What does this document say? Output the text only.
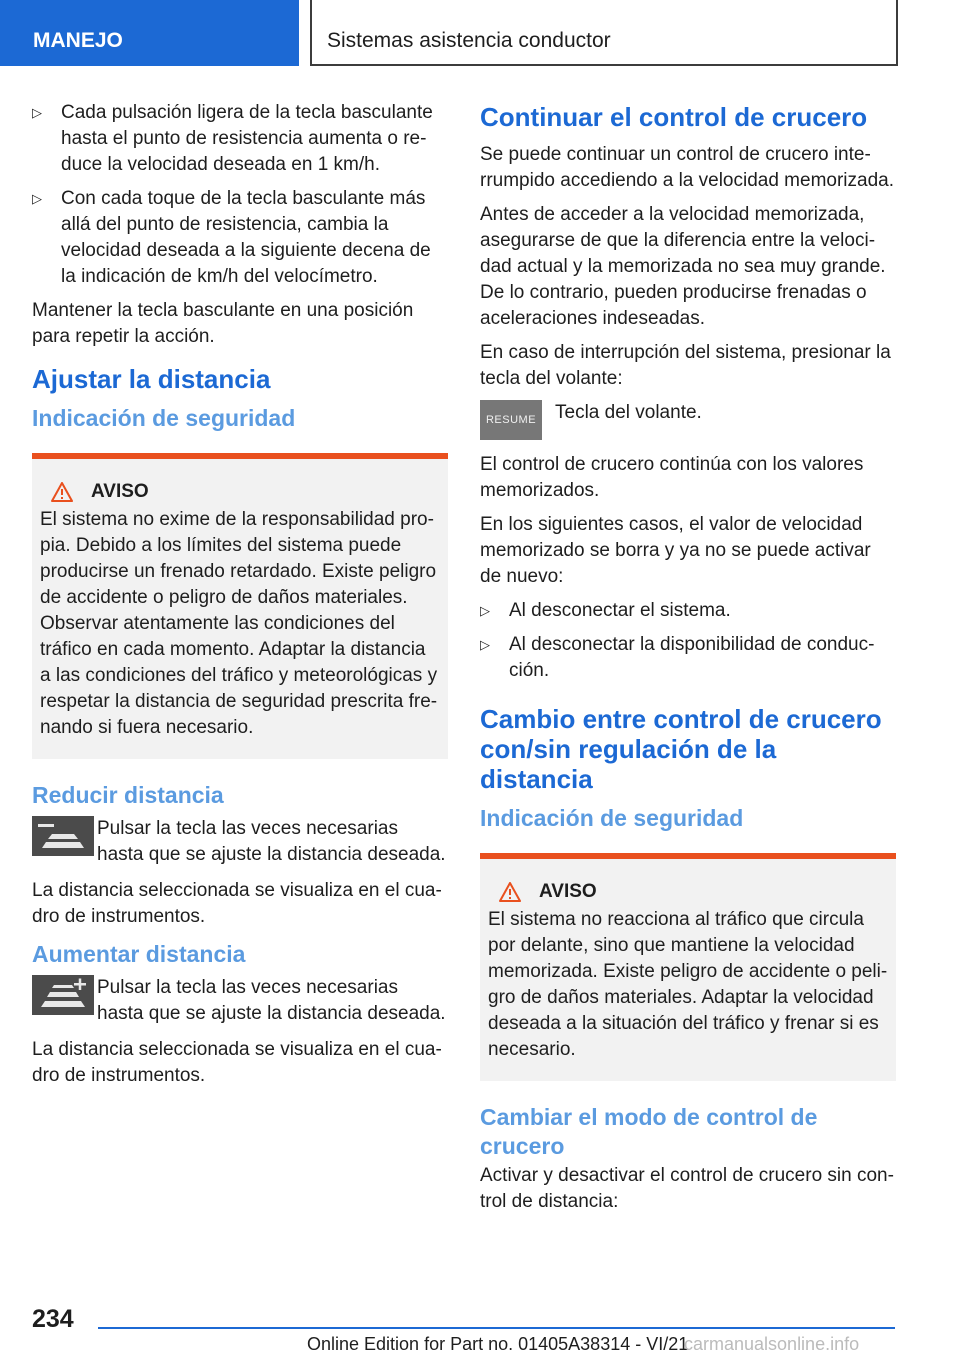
MANEJO	Sistemas asistencia conductor
▷ Cada pulsación ligera de la tecla basculante hasta el punto de resistencia aumenta o reduce la velocidad deseada en 1 km/h.
▷ Con cada toque de la tecla basculante más allá del punto de resistencia, cambia la velocidad deseada a la siguiente decena de la indicación de km/h del velocímetro.

Mantener la tecla basculante en una posición para repetir la acción.

Ajustar la distancia
Indicación de seguridad
AVISO

El sistema no exime de la responsabilidad propia. Debido a los límites del sistema puede producirse un frenado retardado. Existe peligro de accidente o peligro de daños materiales. Observar atentamente las condiciones del tráfico en cada momento. Adaptar la distancia a las condiciones del tráfico y meteorológicas y respetar la distancia de seguridad prescrita frenando si fuera necesario.

Reducir distancia
Pulsar la tecla las veces necesarias hasta que se ajuste la distancia deseada.

La distancia seleccionada se visualiza en el cuadro de instrumentos.

Aumentar distancia
Pulsar la tecla las veces necesarias hasta que se ajuste la distancia deseada.

La distancia seleccionada se visualiza en el cuadro de instrumentos.

Continuar el control de crucero

Se puede continuar un control de crucero interrumpido accediendo a la velocidad memorizada.

Antes de acceder a la velocidad memorizada, asegurarse de que la diferencia entre la velocidad actual y la memorizada no sea muy grande. De lo contrario, pueden producirse frenadas o aceleraciones indeseadas.

En caso de interrupción del sistema, presionar la tecla del volante:

RESUME Tecla del volante.

El control de crucero continúa con los valores memorizados.

En los siguientes casos, el valor de velocidad memorizado se borra y ya no se puede activar de nuevo:

▷ Al desconectar el sistema.
▷ Al desconectar la disponibilidad de conducción.
Cambio entre control de crucero con/sin regulación de la distancia
Indicación de seguridad
AVISO

El sistema no reacciona al tráfico que circula por delante, sino que mantiene la velocidad memorizada. Existe peligro de accidente o peligro de daños materiales. Adaptar la velocidad deseada a la situación del tráfico y frenar si es necesario.

Cambiar el modo de control de crucero

Activar y desactivar el control de crucero sin control de distancia:

234
Online Edition for Part no. 01405A38314 - VI/21
carmanualsonline.info
